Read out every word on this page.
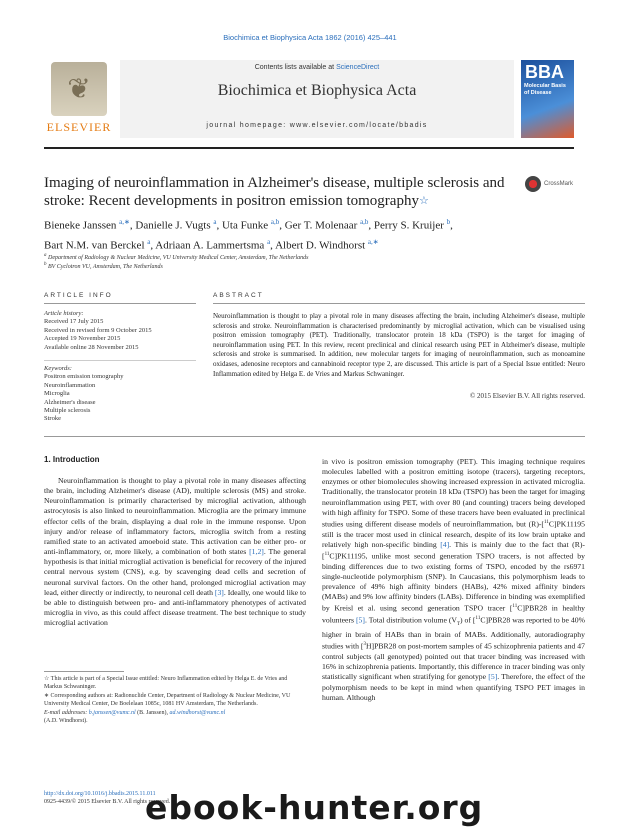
Biochimica et Biophysica Acta 1862 (2016) 425–441
❦
ELSEVIER
Contents lists available at ScienceDirect
Biochimica et Biophysica Acta
journal homepage: www.elsevier.com/locate/bbadis
BBA
Molecular Basis of Disease
Imaging of neuroinflammation in Alzheimer's disease, multiple sclerosis and stroke: Recent developments in positron emission tomography☆
CrossMark
Bieneke Janssen $^{a,∗}$, Danielle J. Vugts $^a$, Uta Funke $^{a,b}$, Ger T. Molenaar $^{a,b}$, Perry S. Kruijer $^b$,
Bart N.M. van Berckel $^a$, Adriaan A. Lammertsma $^a$, Albert D. Windhorst $^{a,∗}$
$^a$ Department of Radiology & Nuclear Medicine, VU University Medical Center, Amsterdam, The Netherlands
$^b$ BV Cyclotron VU, Amsterdam, The Netherlands
ARTICLE INFO	ABSTRACT
Article history:
Received 17 July 2015
Received in revised form 9 October 2015
Accepted 19 November 2015
Available online 28 November 2015
Keywords:
Positron emission tomography
Neuroinflammation
Microglia
Alzheimer's disease
Multiple sclerosis
Stroke
Neuroinflammation is thought to play a pivotal role in many diseases affecting the brain, including Alzheimer's disease, multiple sclerosis and stroke. Neuroinflammation is characterised predominantly by microglial activation, which can be visualised using positron emission tomography (PET). Traditionally, translocator protein 18 kDa (TSPO) is the target for imaging of neuroinflammation using PET. In this review, recent preclinical and clinical research using PET in Alzheimer's disease, multiple sclerosis and stroke is summarised. In addition, new molecular targets for imaging of neuroinflammation, such as monoamine oxidases, adenosine receptors and cannabinoid receptor type 2, are discussed. This article is part of a Special Issue entitled: Neuro Inflammation edited by Helga E. de Vries and Markus Schwaninger.
© 2015 Elsevier B.V. All rights reserved.
1. Introduction
Neuroinflammation is thought to play a pivotal role in many diseases affecting the brain, including Alzheimer's disease (AD), multiple sclerosis (MS) and stroke. Neuroinflammation is primarily characterised by microglial activation, although astrocytosis is also linked to neuroinflammation. Microglia are the primary immune effector cells of the brain, displaying a dual role in the immune response. Upon injury and/or release of inflammatory factors, microglia switch from a resting ramified state to an activated amoeboid state. This activation can be either pro- or anti-inflammatory, or, more likely, a combination of both states [1,2]. The general hypothesis is that initial microglial activation is beneficial for recovery of the injured central nervous system (CNS), e.g. by scavenging dead cells and secretion of neuronal survival factors. On the other hand, prolonged microglial activation may lead, either directly or indirectly, to neuronal cell death [3]. Ideally, one would like to be able to distinguish between pro- and anti-inflammatory phenotypes of activated microglia in vivo, as this could affect disease treatment. The best technique to study microglial activation
☆ This article is part of a Special Issue entitled: Neuro Inflammation edited by Helga E. de Vries and Markus Schwaninger.
∗ Corresponding authors at: Radionuclide Center, Department of Radiology & Nuclear Medicine, VU University Medical Center, De Boelelaan 1085c, 1081 HV Amsterdam, The Netherlands.
E-mail addresses: b.janssen@vumc.nl (B. Janssen), ad.windhorst@vumc.nl
(A.D. Windhorst).
in vivo is positron emission tomography (PET). This imaging technique requires molecules labelled with a positron emitting isotope (tracers), targeting receptors, enzymes or other biomolecules showing increased expression in activated microglia. Traditionally, the translocator protein 18 kDa (TSPO) has been the target for imaging neuroinflammation using PET, with over 80 (and counting) tracers being developed with high affinity for TSPO. Some of these tracers have been evaluated in preclinical studies using different disease models of neuroinflammation, but (R)-[$^{11}$C]PK11195 still is the tracer most used in clinical research, despite of its low brain uptake and relatively high non-specific binding [4]. This is mainly due to the fact that (R)-[$^{11}$C]PK11195, unlike most second generation TSPO tracers, is not affected by binding differences due to two existing forms of TSPO, encoded by the rs6971 single-nucleotide polymorphism (SNP). In Caucasians, this polymorphism leads to prevalence of 49% high affinity binders (HABs), 42% mixed affinity binders (MABs) and 9% low affinity binders (LABs). Difference in binding was exemplified by Kreisl et al. using second generation TSPO tracer [$^{11}$C]PBR28 in healthy volunteers [5]. Total distribution volume $(V_T)$ of [$^{11}$C]PBR28 was reported to be 40% higher in brain of HABs than in brain of MABs. Additionally, autoradiography studies with [$^3$H]PBR28 on post-mortem samples of 45 schizophrenia patients and 47 control subjects (all genotyped) pointed out that tracer binding was increased with 16% in schizophrenia patients. Importantly, this difference in tracer binding was only statistically significant when stratifying for genotype [5]. Therefore, the effect of the polymorphism needs to be kept in mind when quantifying TSPO PET images in human. Although
http://dx.doi.org/10.1016/j.bbadis.2015.11.011
0925-4439/© 2015 Elsevier B.V. All rights reserved.
ebook-hunter.org
